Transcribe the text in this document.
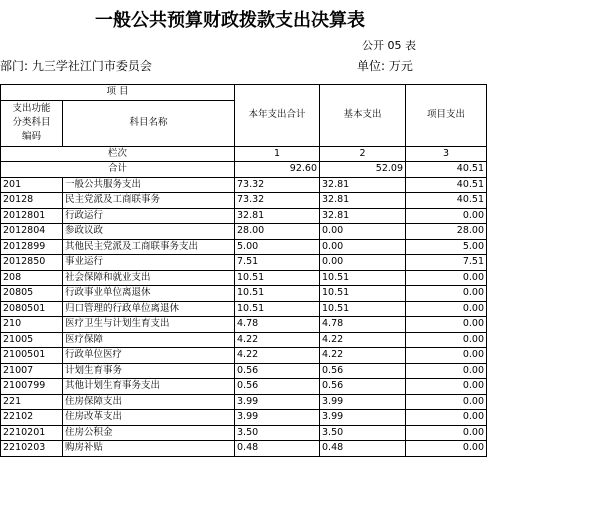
一般公共预算财政拨款支出决算表
公开 05 表
部门: 九三学社江门市委员会	单位: 万元
项 目		本年支出合计	基本支出	项目支出

支出功能
分类科目
编码	科目名称			
栏次		1	2	3
合计		92.60	52.09	40.51
201	一般公共服务支出	73.32	32.81	40.51
20128	民主党派及工商联事务	73.32	32.81	40.51
2012801	行政运行	32.81	32.81	0.00
2012804	参政议政	28.00	0.00	28.00
2012899	其他民主党派及工商联事务支出	5.00	0.00	5.00
2012850	事业运行	7.51	0.00	7.51
208	社会保障和就业支出	10.51	10.51	0.00
20805	行政事业单位离退休	10.51	10.51	0.00
2080501	归口管理的行政单位离退休	10.51	10.51	0.00
210	医疗卫生与计划生育支出	4.78	4.78	0.00
21005	医疗保障	4.22	4.22	0.00
2100501	行政单位医疗	4.22	4.22	0.00
21007	计划生育事务	0.56	0.56	0.00
2100799	其他计划生育事务支出	0.56	0.56	0.00
221	住房保障支出	3.99	3.99	0.00
22102	住房改革支出	3.99	3.99	0.00
2210201	住房公积金	3.50	3.50	0.00
2210203	购房补贴	0.48	0.48	0.00
